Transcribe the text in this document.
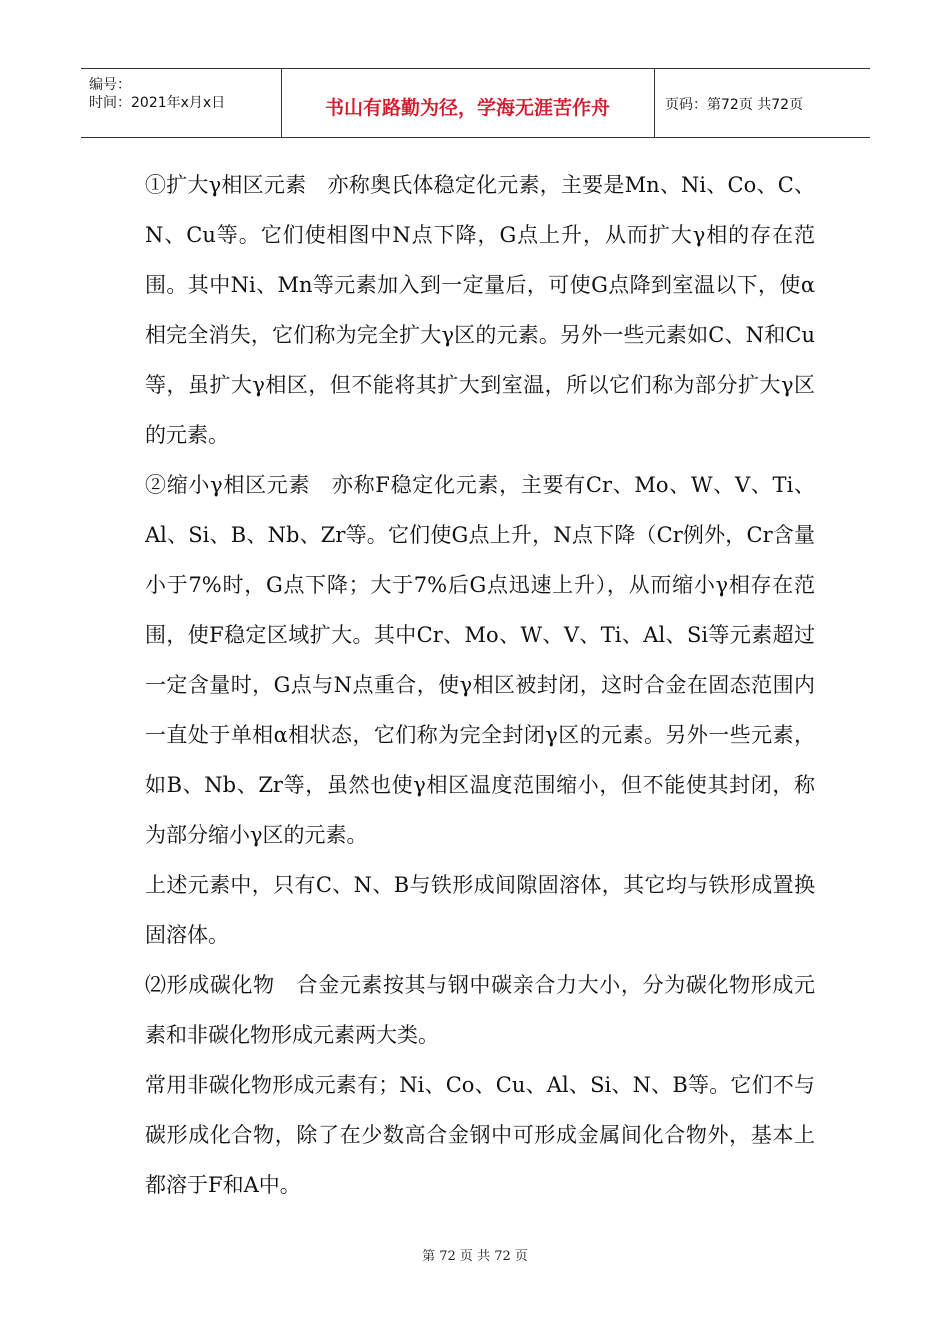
编号：
时间：2021年x月x日	书山有路勤为径，学海无涯苦作舟	页码：第72页 共72页

①扩大γ相区元素　亦称奥氏体稳定化元素，主要是Mn、Ni、Co、C、N、Cu等。它们使相图中N点下降，G点上升，从而扩大γ相的存在范围。其中Ni、Mn等元素加入到一定量后，可使G点降到室温以下，使α相完全消失，它们称为完全扩大γ区的元素。另外一些元素如C、N和Cu等，虽扩大γ相区，但不能将其扩大到室温，所以它们称为部分扩大γ区的元素。

②缩小γ相区元素　亦称F稳定化元素，主要有Cr、Mo、W、V、Ti、Al、Si、B、Nb、Zr等。它们使G点上升，N点下降（Cr例外，Cr含量小于7%时，G点下降；大于7%后G点迅速上升），从而缩小γ相存在范围，使F稳定区域扩大。其中Cr、Mo、W、V、Ti、Al、Si等元素超过一定含量时，G点与N点重合，使γ相区被封闭，这时合金在固态范围内一直处于单相α相状态，它们称为完全封闭γ区的元素。另外一些元素，如B、Nb、Zr等，虽然也使γ相区温度范围缩小，但不能使其封闭，称为部分缩小γ区的元素。

上述元素中，只有C、N、B与铁形成间隙固溶体，其它均与铁形成置换固溶体。

⑵形成碳化物　合金元素按其与钢中碳亲合力大小，分为碳化物形成元素和非碳化物形成元素两大类。

常用非碳化物形成元素有；Ni、Co、Cu、Al、Si、N、B等。它们不与碳形成化合物，除了在少数高合金钢中可形成金属间化合物外，基本上都溶于F和A中。

第 72 页 共 72 页
